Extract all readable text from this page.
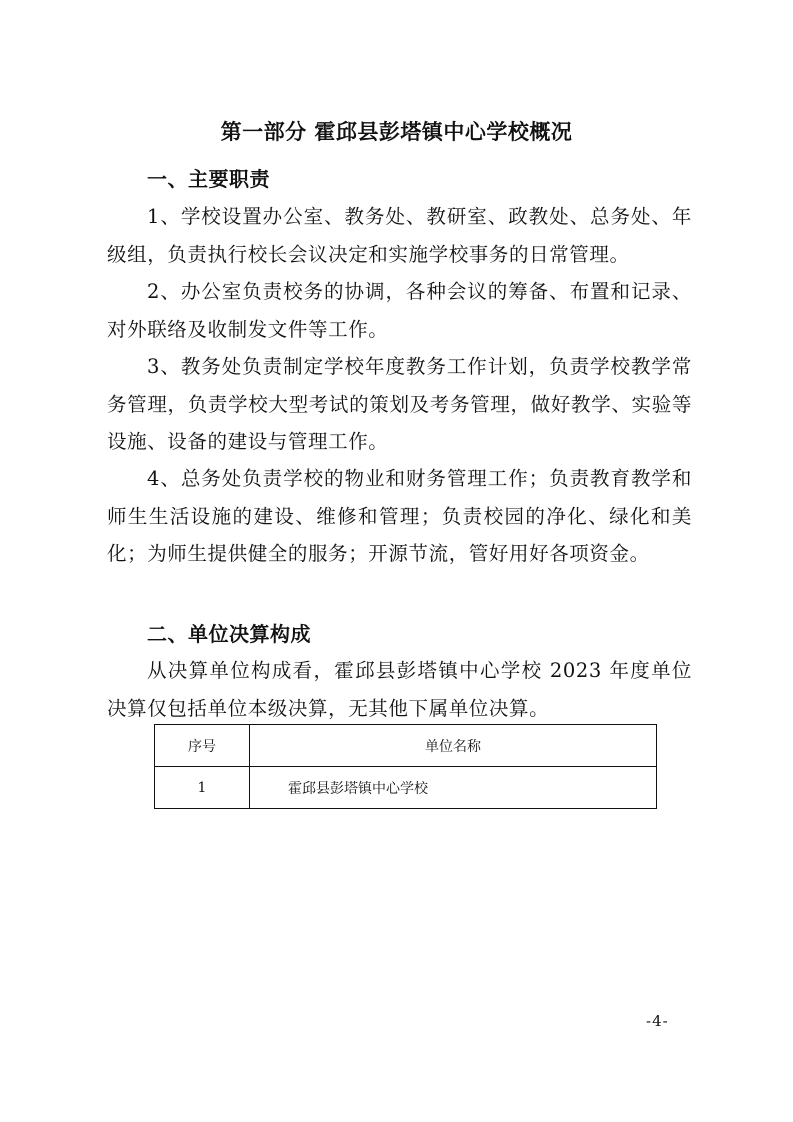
第一部分 霍邱县彭塔镇中心学校概况
一、主要职责
1、学校设置办公室、教务处、教研室、政教处、总务处、年级组，负责执行校长会议决定和实施学校事务的日常管理。
2、办公室负责校务的协调，各种会议的筹备、布置和记录、对外联络及收制发文件等工作。
3、教务处负责制定学校年度教务工作计划，负责学校教学常务管理，负责学校大型考试的策划及考务管理，做好教学、实验等设施、设备的建设与管理工作。
4、总务处负责学校的物业和财务管理工作；负责教育教学和师生生活设施的建设、维修和管理；负责校园的净化、绿化和美化；为师生提供健全的服务；开源节流，管好用好各项资金。
二、单位决算构成
从决算单位构成看，霍邱县彭塔镇中心学校 2023 年度单位决算仅包括单位本级决算，无其他下属单位决算。
序号	单位名称
1	霍邱县彭塔镇中心学校
-4-
